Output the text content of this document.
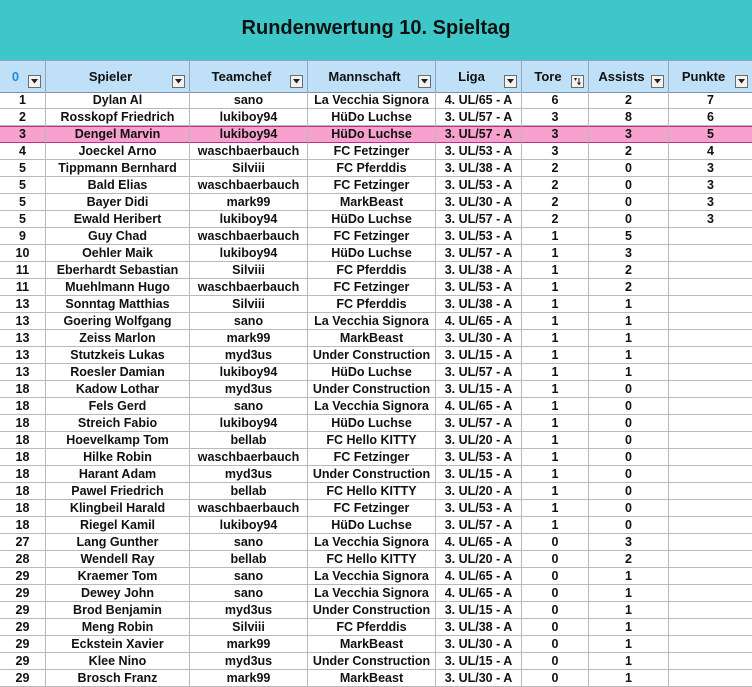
Rundenwertung 10. Spieltag
0	Spieler	Teamchef	Mannschaft	Liga	Tore	Assists	Punkte
1	Dylan Al	sano	La Vecchia Signora	4. UL/65 - A	6	2	7
2	Rosskopf Friedrich	lukiboy94	HüDo Luchse	3. UL/57 - A	3	8	6
3	Dengel Marvin	lukiboy94	HüDo Luchse	3. UL/57 - A	3	3	5
4	Joeckel Arno	waschbaerbauch	FC Fetzinger	3. UL/53 - A	3	2	4
5	Tippmann Bernhard	Silviii	FC Pferddis	3. UL/38 - A	2	0	3
5	Bald Elias	waschbaerbauch	FC Fetzinger	3. UL/53 - A	2	0	3
5	Bayer Didi	mark99	MarkBeast	3. UL/30 - A	2	0	3
5	Ewald Heribert	lukiboy94	HüDo Luchse	3. UL/57 - A	2	0	3
9	Guy Chad	waschbaerbauch	FC Fetzinger	3. UL/53 - A	1	5
10	Oehler Maik	lukiboy94	HüDo Luchse	3. UL/57 - A	1	3
11	Eberhardt Sebastian	Silviii	FC Pferddis	3. UL/38 - A	1	2
11	Muehlmann Hugo	waschbaerbauch	FC Fetzinger	3. UL/53 - A	1	2
13	Sonntag Matthias	Silviii	FC Pferddis	3. UL/38 - A	1	1
13	Goering Wolfgang	sano	La Vecchia Signora	4. UL/65 - A	1	1
13	Zeiss Marlon	mark99	MarkBeast	3. UL/30 - A	1	1
13	Stutzkeis Lukas	myd3us	Under Construction	3. UL/15 - A	1	1
13	Roesler Damian	lukiboy94	HüDo Luchse	3. UL/57 - A	1	1
18	Kadow Lothar	myd3us	Under Construction	3. UL/15 - A	1	0
18	Fels Gerd	sano	La Vecchia Signora	4. UL/65 - A	1	0
18	Streich Fabio	lukiboy94	HüDo Luchse	3. UL/57 - A	1	0
18	Hoevelkamp Tom	bellab	FC Hello KITTY	3. UL/20 - A	1	0
18	Hilke Robin	waschbaerbauch	FC Fetzinger	3. UL/53 - A	1	0
18	Harant Adam	myd3us	Under Construction	3. UL/15 - A	1	0
18	Pawel Friedrich	bellab	FC Hello KITTY	3. UL/20 - A	1	0
18	Klingbeil Harald	waschbaerbauch	FC Fetzinger	3. UL/53 - A	1	0
18	Riegel Kamil	lukiboy94	HüDo Luchse	3. UL/57 - A	1	0
27	Lang Gunther	sano	La Vecchia Signora	4. UL/65 - A	0	3
28	Wendell Ray	bellab	FC Hello KITTY	3. UL/20 - A	0	2
29	Kraemer Tom	sano	La Vecchia Signora	4. UL/65 - A	0	1
29	Dewey John	sano	La Vecchia Signora	4. UL/65 - A	0	1
29	Brod Benjamin	myd3us	Under Construction	3. UL/15 - A	0	1
29	Meng Robin	Silviii	FC Pferddis	3. UL/38 - A	0	1
29	Eckstein Xavier	mark99	MarkBeast	3. UL/30 - A	0	1
29	Klee Nino	myd3us	Under Construction	3. UL/15 - A	0	1
29	Brosch Franz	mark99	MarkBeast	3. UL/30 - A	0	1
